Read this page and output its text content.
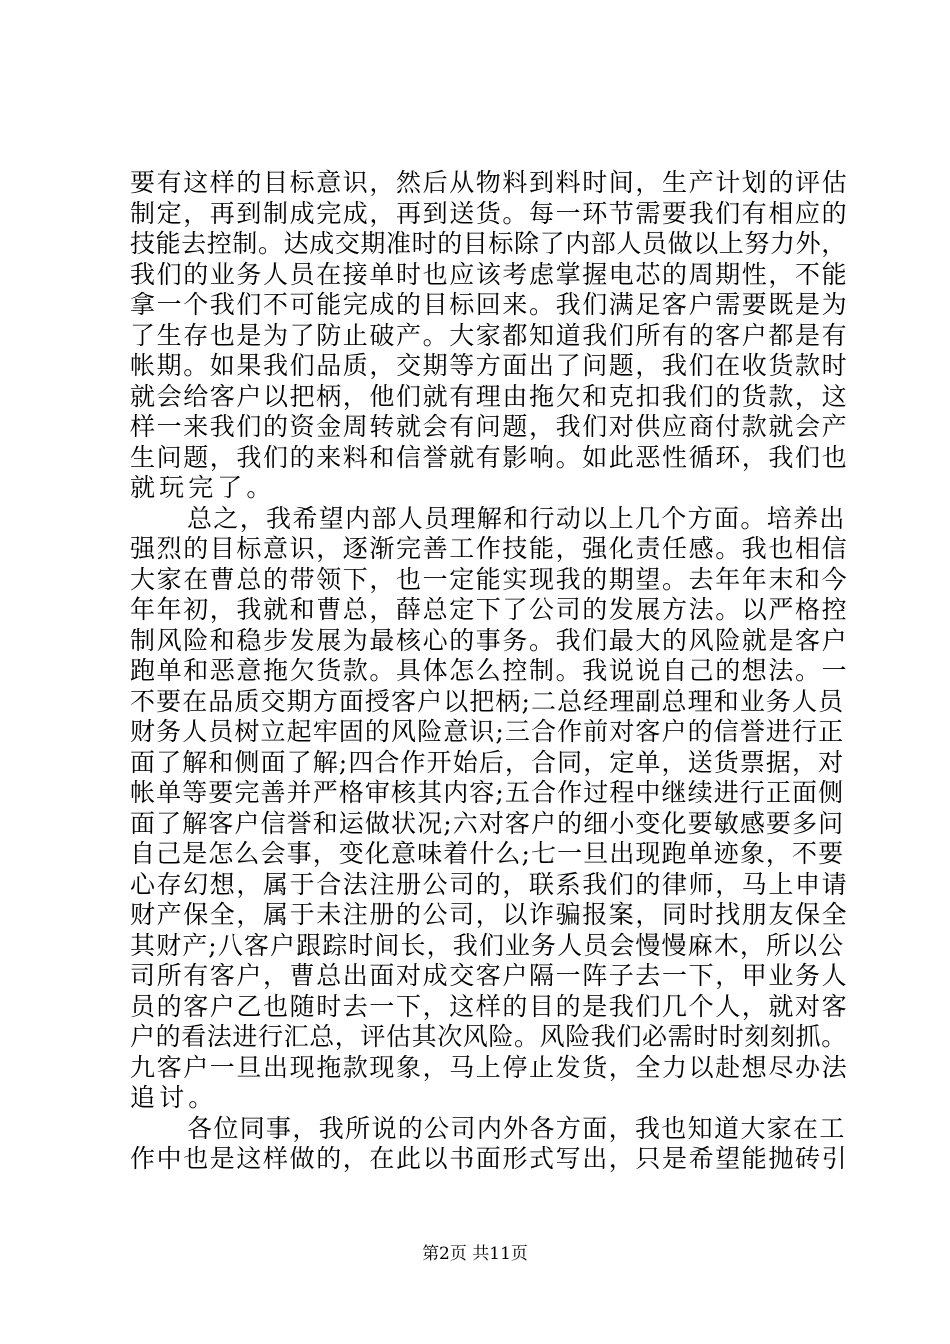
要有这样的目标意识，然后从物料到料时间，生产计划的评估
制定，再到制成完成，再到送货。每一环节需要我们有相应的
技能去控制。达成交期准时的目标除了内部人员做以上努力外，
我们的业务人员在接单时也应该考虑掌握电芯的周期性，不能
拿一个我们不可能完成的目标回来。我们满足客户需要既是为
了生存也是为了防止破产。大家都知道我们所有的客户都是有
帐期。如果我们品质，交期等方面出了问题，我们在收货款时
就会给客户以把柄，他们就有理由拖欠和克扣我们的货款，这
样一来我们的资金周转就会有问题，我们对供应商付款就会产
生问题，我们的来料和信誉就有影响。如此恶性循环，我们也
就玩完了。
总之，我希望内部人员理解和行动以上几个方面。培养出
强烈的目标意识，逐渐完善工作技能，强化责任感。我也相信
大家在曹总的带领下，也一定能实现我的期望。去年年末和今
年年初，我就和曹总，薛总定下了公司的发展方法。以严格控
制风险和稳步发展为最核心的事务。我们最大的风险就是客户
跑单和恶意拖欠货款。具体怎么控制。我说说自己的想法。一
不要在品质交期方面授客户以把柄;二总经理副总理和业务人员
财务人员树立起牢固的风险意识;三合作前对客户的信誉进行正
面了解和侧面了解;四合作开始后，合同，定单，送货票据，对
帐单等要完善并严格审核其内容;五合作过程中继续进行正面侧
面了解客户信誉和运做状况;六对客户的细小变化要敏感要多问
自己是怎么会事，变化意味着什么;七一旦出现跑单迹象，不要
心存幻想，属于合法注册公司的，联系我们的律师，马上申请
财产保全，属于未注册的公司，以诈骗报案，同时找朋友保全
其财产;八客户跟踪时间长，我们业务人员会慢慢麻木，所以公
司所有客户，曹总出面对成交客户隔一阵子去一下，甲业务人
员的客户乙也随时去一下，这样的目的是我们几个人，就对客
户的看法进行汇总，评估其次风险。风险我们必需时时刻刻抓。
九客户一旦出现拖款现象，马上停止发货，全力以赴想尽办法
追讨。
各位同事，我所说的公司内外各方面，我也知道大家在工
作中也是这样做的，在此以书面形式写出，只是希望能抛砖引
第2页 共11页
